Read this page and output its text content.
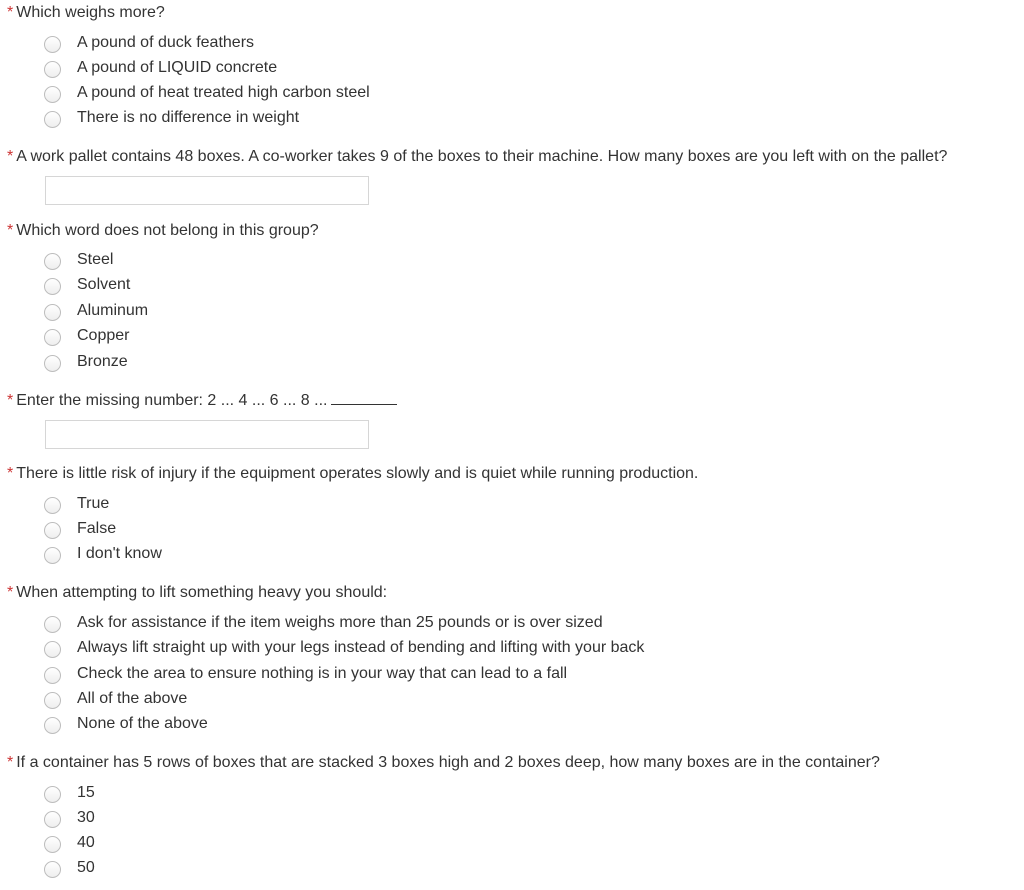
* Which weighs more?
A pound of duck feathers
A pound of LIQUID concrete
A pound of heat treated high carbon steel
There is no difference in weight
* A work pallet contains 48 boxes. A co-worker takes 9 of the boxes to their machine. How many boxes are you left with on the pallet?
* Which word does not belong in this group?
Steel
Solvent
Aluminum
Copper
Bronze
* Enter the missing number: 2 ... 4 ... 6 ... 8 ...
* There is little risk of injury if the equipment operates slowly and is quiet while running production.
True
False
I don't know
* When attempting to lift something heavy you should:
Ask for assistance if the item weighs more than 25 pounds or is over sized
Always lift straight up with your legs instead of bending and lifting with your back
Check the area to ensure nothing is in your way that can lead to a fall
All of the above
None of the above
* If a container has 5 rows of boxes that are stacked 3 boxes high and 2 boxes deep, how many boxes are in the container?
15
30
40
50
